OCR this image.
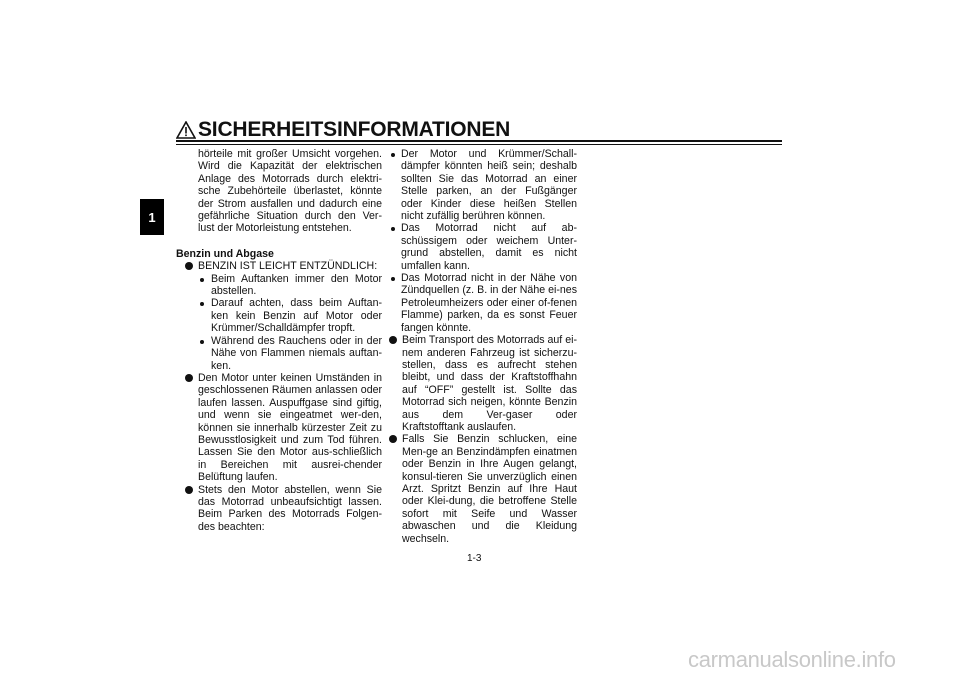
SICHERHEITSINFORMATIONEN
1

hörteile mit großer Umsicht vorgehen. Wird die Kapazität der elektrischen Anlage des Motorrads durch elektri-sche Zubehörteile überlastet, könnte der Strom ausfallen und dadurch eine gefährliche Situation durch den Ver-lust der Motorleistung entstehen.

Benzin und Abgase
BENZIN IST LEICHT ENTZÜNDLICH:
Beim Auftanken immer den Motor abstellen.
Darauf achten, dass beim Auftan-ken kein Benzin auf Motor oder Krümmer/Schalldämpfer tropft.
Während des Rauchens oder in der Nähe von Flammen niemals auftan-ken.
Den Motor unter keinen Umständen in geschlossenen Räumen anlassen oder laufen lassen. Auspuffgase sind giftig, und wenn sie eingeatmet wer-den, können sie innerhalb kürzester Zeit zu Bewusstlosigkeit und zum Tod führen. Lassen Sie den Motor aus-schließlich in Bereichen mit ausrei-chender Belüftung laufen.
Stets den Motor abstellen, wenn Sie das Motorrad unbeaufsichtigt lassen. Beim Parken des Motorrads Folgen-des beachten:
Der Motor und Krümmer/Schall-dämpfer könnten heiß sein; deshalb sollten Sie das Motorrad an einer Stelle parken, an der Fußgänger oder Kinder diese heißen Stellen nicht zufällig berühren können.
Das Motorrad nicht auf ab-schüssigem oder weichem Unter-grund abstellen, damit es nicht umfallen kann.
Das Motorrad nicht in der Nähe von Zündquellen (z. B. in der Nähe ei-nes Petroleumheizers oder einer of-fenen Flamme) parken, da es sonst Feuer fangen könnte.
Beim Transport des Motorrads auf ei-nem anderen Fahrzeug ist sicherzu-stellen, dass es aufrecht stehen bleibt, und dass der Kraftstoffhahn auf “OFF” gestellt ist. Sollte das Motorrad sich neigen, könnte Benzin aus dem Ver-gaser oder Kraftstofftank auslaufen.
Falls Sie Benzin schlucken, eine Men-ge an Benzindämpfen einatmen oder Benzin in Ihre Augen gelangt, konsul-tieren Sie unverzüglich einen Arzt. Spritzt Benzin auf Ihre Haut oder Klei-dung, die betroffene Stelle sofort mit Seife und Wasser abwaschen und die Kleidung wechseln.
1-3
carmanualsonline.info
